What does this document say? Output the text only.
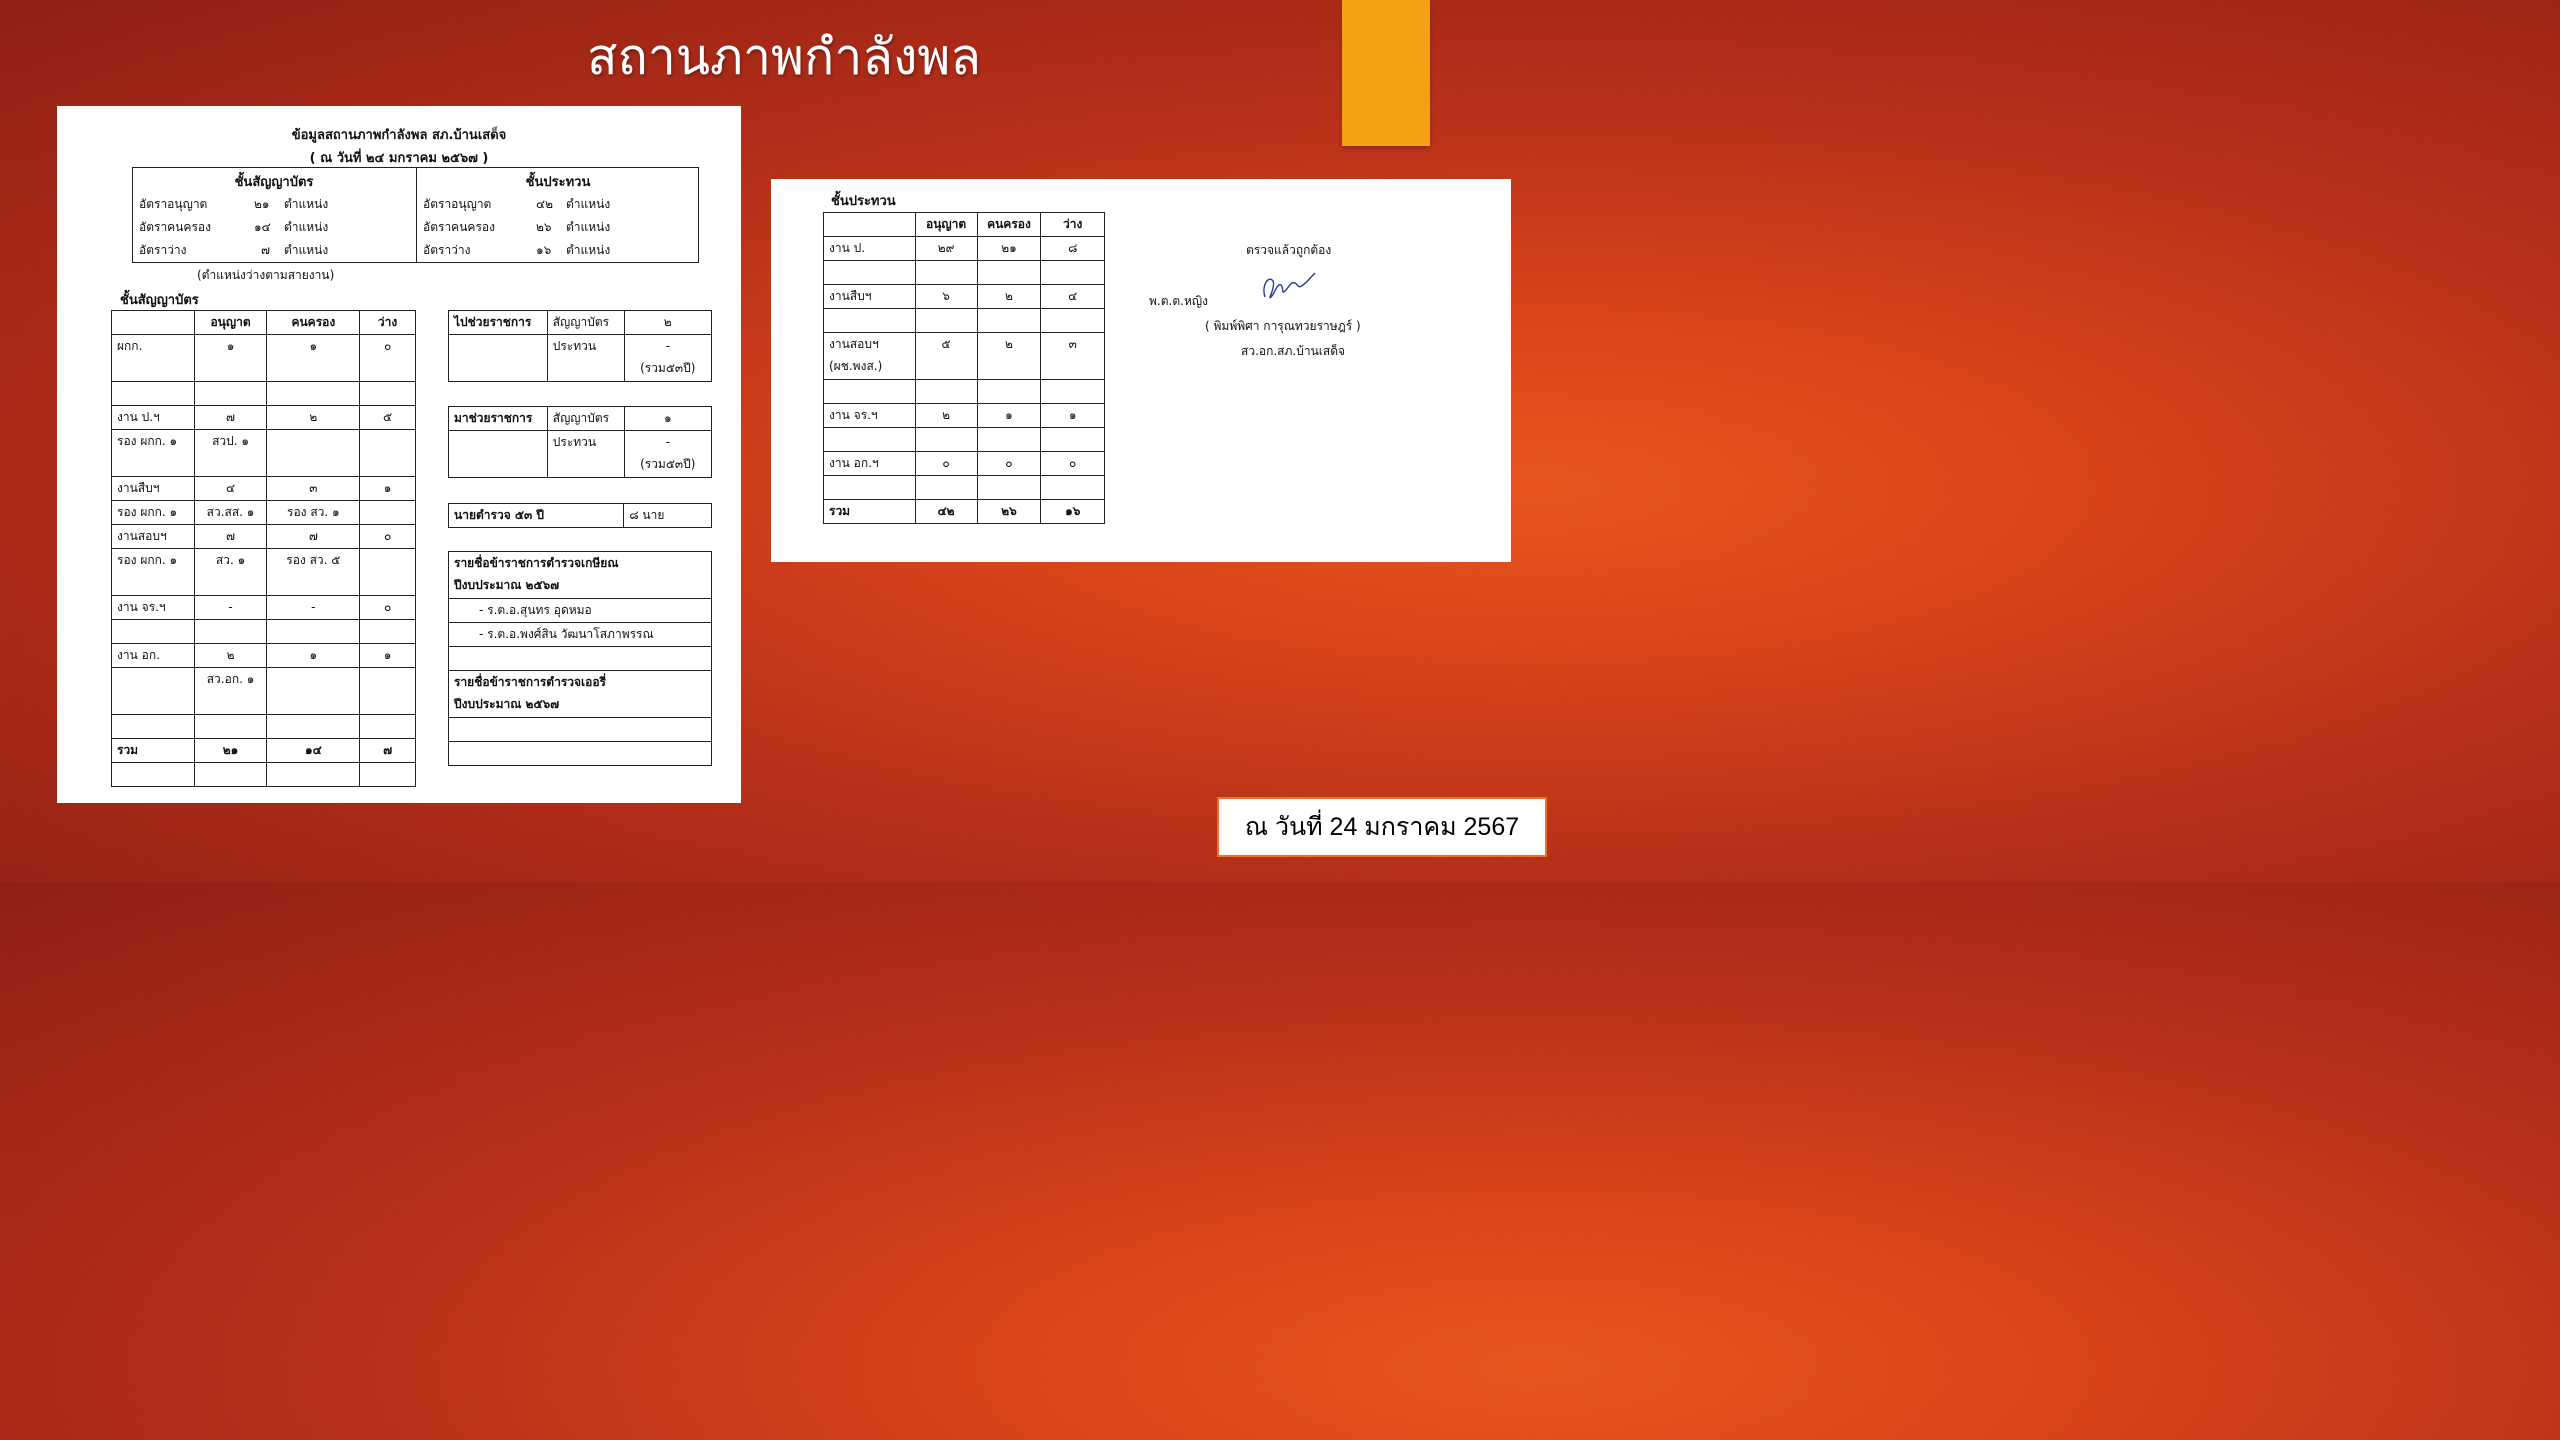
สถานภาพกำลังพล
ข้อมูลสถานภาพกำลังพล สภ.บ้านเสด็จ
( ณ วันที่ ๒๔ มกราคม ๒๕๖๗ )
ชั้นสัญญาบัตร
อัตราอนุญาต	๒๑ ตำแหน่ง
อัตราคนครอง	๑๔ ตำแหน่ง
อัตราว่าง	๗ ตำแหน่ง
ชั้นประทวน
อัตราอนุญาต	๔๒ ตำแหน่ง
อัตราคนครอง	๒๖ ตำแหน่ง
อัตราว่าง	๑๖ ตำแหน่ง
(ตำแหน่งว่างตามสายงาน)
ชั้นสัญญาบัตร
	อนุญาต	คนครอง	ว่าง
ผกก.	๑	๑	๐

งาน ป.ฯ	๗	๒	๕
รอง ผกก. ๑	สวป. ๑		
งานสืบฯ	๔	๓	๑
รอง ผกก. ๑	สว.สส. ๑	รอง สว. ๑	
งานสอบฯ	๗	๗	๐
รอง ผกก. ๑	สว. ๑	รอง สว. ๕	
งาน จร.ฯ	-	-	๐

งาน อก.	๒	๑	๑
	สว.อก. ๑		

รวม	๒๑	๑๔	๗

ไปช่วยราชการ	สัญญาบัตร	๒
	ประทวน	-
(รวม๕๓ปี)
มาช่วยราชการ	สัญญาบัตร	๑
	ประทวน	-
(รวม๕๓ปี)
นายตำรวจ ๕๓ ปี	๘ นาย
รายชื่อข้าราชการตำรวจเกษียณ
ปีงบประมาณ ๒๕๖๗

- ร.ต.อ.สุนทร อุดหมอ
- ร.ต.อ.พงศ์สิน วัฒนาโสภาพรรณ

รายชื่อข้าราชการตำรวจเออรี่
ปีงบประมาณ ๒๕๖๗

ชั้นประทวน
	อนุญาต	คนครอง	ว่าง
งาน ป.	๒๙	๒๑	๘

งานสืบฯ	๖	๒	๔

งานสอบฯ
(ผช.พงส.)	๕	๒	๓

งาน จร.ฯ	๒	๑	๑

งาน อก.ฯ	๐	๐	๐

รวม	๔๒	๒๖	๑๖
ตรวจแล้วถูกต้อง
พ.ต.ต.หญิง
( พิมพ์พิศา การุณทวยราษฎร์ )
สว.อก.สภ.บ้านเสด็จ
ณ วันที่ 24 มกราคม 2567
